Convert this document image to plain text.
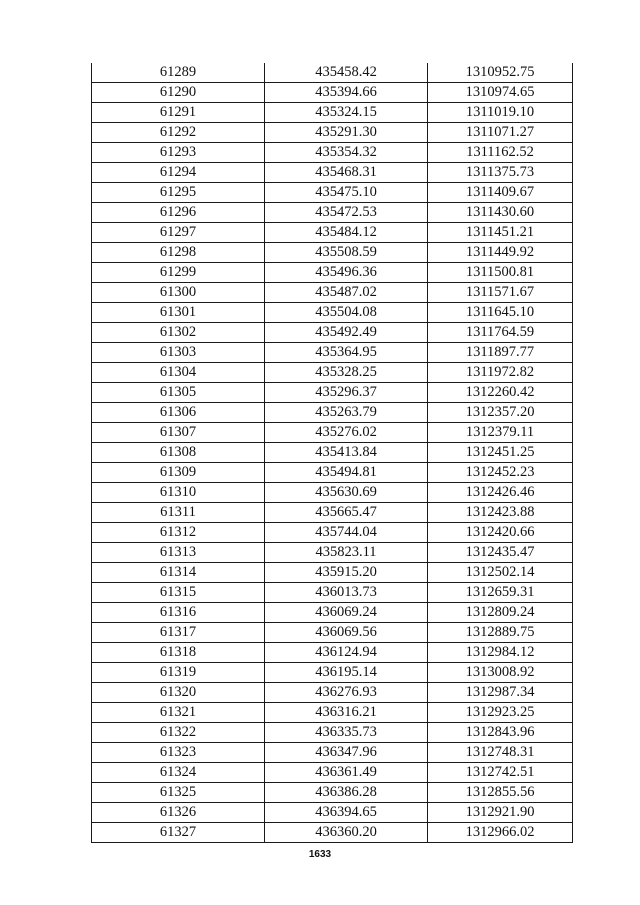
61289	435458.42	1310952.75
61290	435394.66	1310974.65
61291	435324.15	1311019.10
61292	435291.30	1311071.27
61293	435354.32	1311162.52
61294	435468.31	1311375.73
61295	435475.10	1311409.67
61296	435472.53	1311430.60
61297	435484.12	1311451.21
61298	435508.59	1311449.92
61299	435496.36	1311500.81
61300	435487.02	1311571.67
61301	435504.08	1311645.10
61302	435492.49	1311764.59
61303	435364.95	1311897.77
61304	435328.25	1311972.82
61305	435296.37	1312260.42
61306	435263.79	1312357.20
61307	435276.02	1312379.11
61308	435413.84	1312451.25
61309	435494.81	1312452.23
61310	435630.69	1312426.46
61311	435665.47	1312423.88
61312	435744.04	1312420.66
61313	435823.11	1312435.47
61314	435915.20	1312502.14
61315	436013.73	1312659.31
61316	436069.24	1312809.24
61317	436069.56	1312889.75
61318	436124.94	1312984.12
61319	436195.14	1313008.92
61320	436276.93	1312987.34
61321	436316.21	1312923.25
61322	436335.73	1312843.96
61323	436347.96	1312748.31
61324	436361.49	1312742.51
61325	436386.28	1312855.56
61326	436394.65	1312921.90
61327	436360.20	1312966.02
1633
